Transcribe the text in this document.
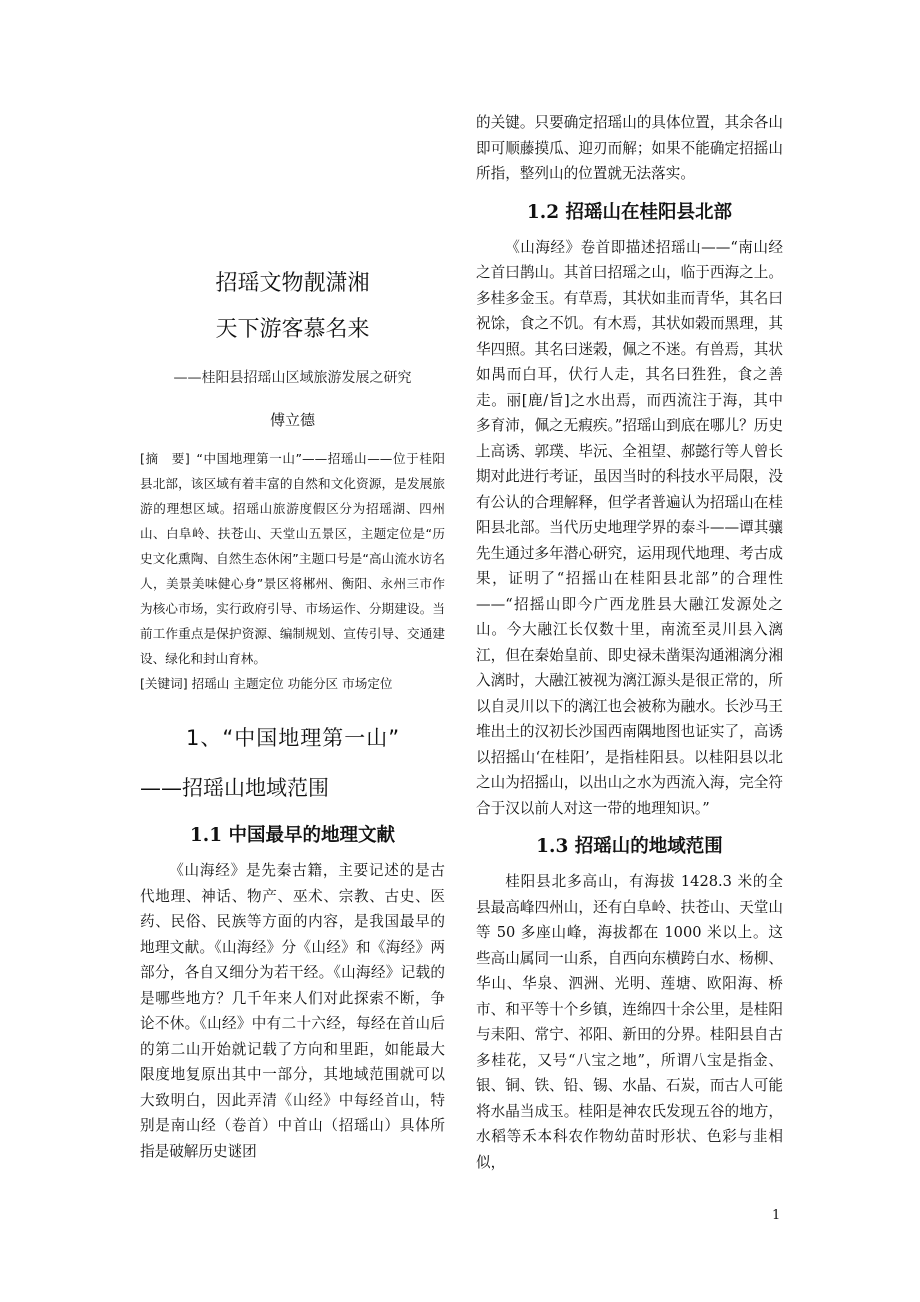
招瑶文物靓潇湘
天下游客慕名来
——桂阳县招瑶山区域旅游发展之研究
傅立德
[摘　要] “中国地理第一山”——招瑶山——位于桂阳县北部，该区域有着丰富的自然和文化资源，是发展旅游的理想区域。招瑶山旅游度假区分为招瑶湖、四州山、白阜岭、扶苍山、天堂山五景区，主题定位是“历史文化熏陶、自然生态休闲”主题口号是“高山流水访名人，美景美味健心身”景区将郴州、衡阳、永州三市作为核心市场，实行政府引导、市场运作、分期建设。当前工作重点是保护资源、编制规划、宣传引导、交通建设、绿化和封山育林。
[关键词] 招瑶山 主题定位 功能分区 市场定位
1、“中国地理第一山”
——招瑶山地域范围
1.1 中国最早的地理文献

《山海经》是先秦古籍，主要记述的是古代地理、神话、物产、巫术、宗教、古史、医药、民俗、民族等方面的内容，是我国最早的地理文献。《山海经》分《山经》和《海经》两部分，各自又细分为若干经。《山海经》记载的是哪些地方？几千年来人们对此探索不断，争论不休。《山经》中有二十六经，每经在首山后的第二山开始就记载了方向和里距，如能最大限度地复原出其中一部分，其地域范围就可以大致明白，因此弄清《山经》中每经首山，特别是南山经（卷首）中首山（招瑶山）具体所指是破解历史谜团

的关键。只要确定招瑶山的具体位置，其余各山即可顺藤摸瓜、迎刃而解；如果不能确定招摇山所指，整列山的位置就无法落实。

1.2 招瑶山在桂阳县北部

《山海经》卷首即描述招瑶山——“南山经之首曰鹊山。其首曰招瑶之山，临于西海之上。多桂多金玉。有草焉，其状如韭而青华，其名曰祝馀，食之不饥。有木焉，其状如榖而黑理，其华四照。其名曰迷榖，佩之不迷。有兽焉，其状如禺而白耳，伏行人走，其名曰狌狌，食之善走。丽[鹿/旨]之水出焉，而西流注于海，其中多育沛，佩之无瘕疾。”招瑶山到底在哪儿？历史上高诱、郭璞、毕沅、全祖望、郝懿行等人曾长期对此进行考证，虽因当时的科技水平局限，没有公认的合理解释，但学者普遍认为招瑶山在桂阳县北部。当代历史地理学界的泰斗——谭其骧先生通过多年潜心研究，运用现代地理、考古成果，证明了“招摇山在桂阳县北部”的合理性——“招摇山即今广西龙胜县大融江发源处之山。今大融江长仅数十里，南流至灵川县入漓江，但在秦始皇前、即史禄未凿渠沟通湘漓分湘入漓时，大融江被视为漓江源头是很正常的，所以自灵川以下的漓江也会被称为融水。长沙马王堆出土的汉初长沙国西南隅地图也证实了，高诱以招摇山‘在桂阳’，是指桂阳县。以桂阳县以北之山为招摇山，以出山之水为西流入海，完全符合于汉以前人对这一带的地理知识。”

1.3 招瑶山的地域范围

桂阳县北多高山，有海拔 1428.3 米的全县最高峰四州山，还有白阜岭、扶苍山、天堂山等 50 多座山峰，海拔都在 1000 米以上。这些高山属同一山系，自西向东横跨白水、杨柳、华山、华泉、泗洲、光明、莲塘、欧阳海、桥市、和平等十个乡镇，连绵四十余公里，是桂阳与耒阳、常宁、祁阳、新田的分界。桂阳县自古多桂花，又号“八宝之地”，所谓八宝是指金、银、铜、铁、铅、锡、水晶、石炭，而古人可能将水晶当成玉。桂阳是神农氏发现五谷的地方，水稻等禾本科农作物幼苗时形状、色彩与韭相似，

1
